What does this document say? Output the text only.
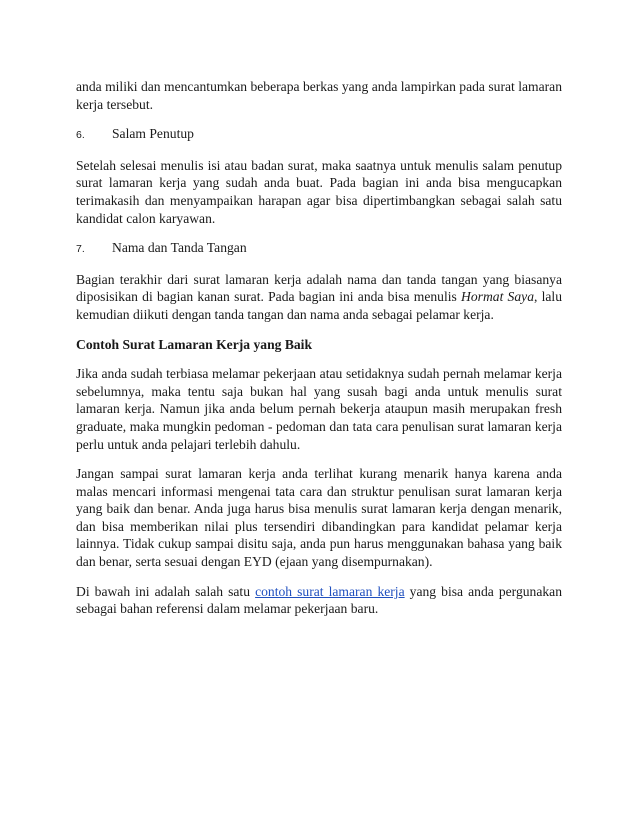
anda miliki dan mencantumkan beberapa berkas yang anda lampirkan pada surat lamaran kerja tersebut.

6.	Salam Penutup

Setelah selesai menulis isi atau badan surat, maka saatnya untuk menulis salam penutup surat lamaran kerja yang sudah anda buat. Pada bagian ini anda bisa mengucapkan terimakasih dan menyampaikan harapan agar bisa dipertimbangkan sebagai salah satu kandidat calon karyawan.

7.	Nama dan Tanda Tangan

Bagian terakhir dari surat lamaran kerja adalah nama dan tanda tangan yang biasanya diposisikan di bagian kanan surat. Pada bagian ini anda bisa menulis Hormat Saya, lalu kemudian diikuti dengan tanda tangan dan nama anda sebagai pelamar kerja.

Contoh Surat Lamaran Kerja yang Baik

Jika anda sudah terbiasa melamar pekerjaan atau setidaknya sudah pernah melamar kerja sebelumnya, maka tentu saja bukan hal yang susah bagi anda untuk menulis surat lamaran kerja. Namun jika anda belum pernah bekerja ataupun masih merupakan fresh graduate, maka mungkin pedoman - pedoman dan tata cara penulisan surat lamaran kerja perlu untuk anda pelajari terlebih dahulu.

Jangan sampai surat lamaran kerja anda terlihat kurang menarik hanya karena anda malas mencari informasi mengenai tata cara dan struktur penulisan surat lamaran kerja yang baik dan benar. Anda juga harus bisa menulis surat lamaran kerja dengan menarik, dan bisa memberikan nilai plus tersendiri dibandingkan para kandidat pelamar kerja lainnya. Tidak cukup sampai disitu saja, anda pun harus menggunakan bahasa yang baik dan benar, serta sesuai dengan EYD (ejaan yang disempurnakan).

Di bawah ini adalah salah satu contoh surat lamaran kerja yang bisa anda pergunakan sebagai bahan referensi dalam melamar pekerjaan baru.
